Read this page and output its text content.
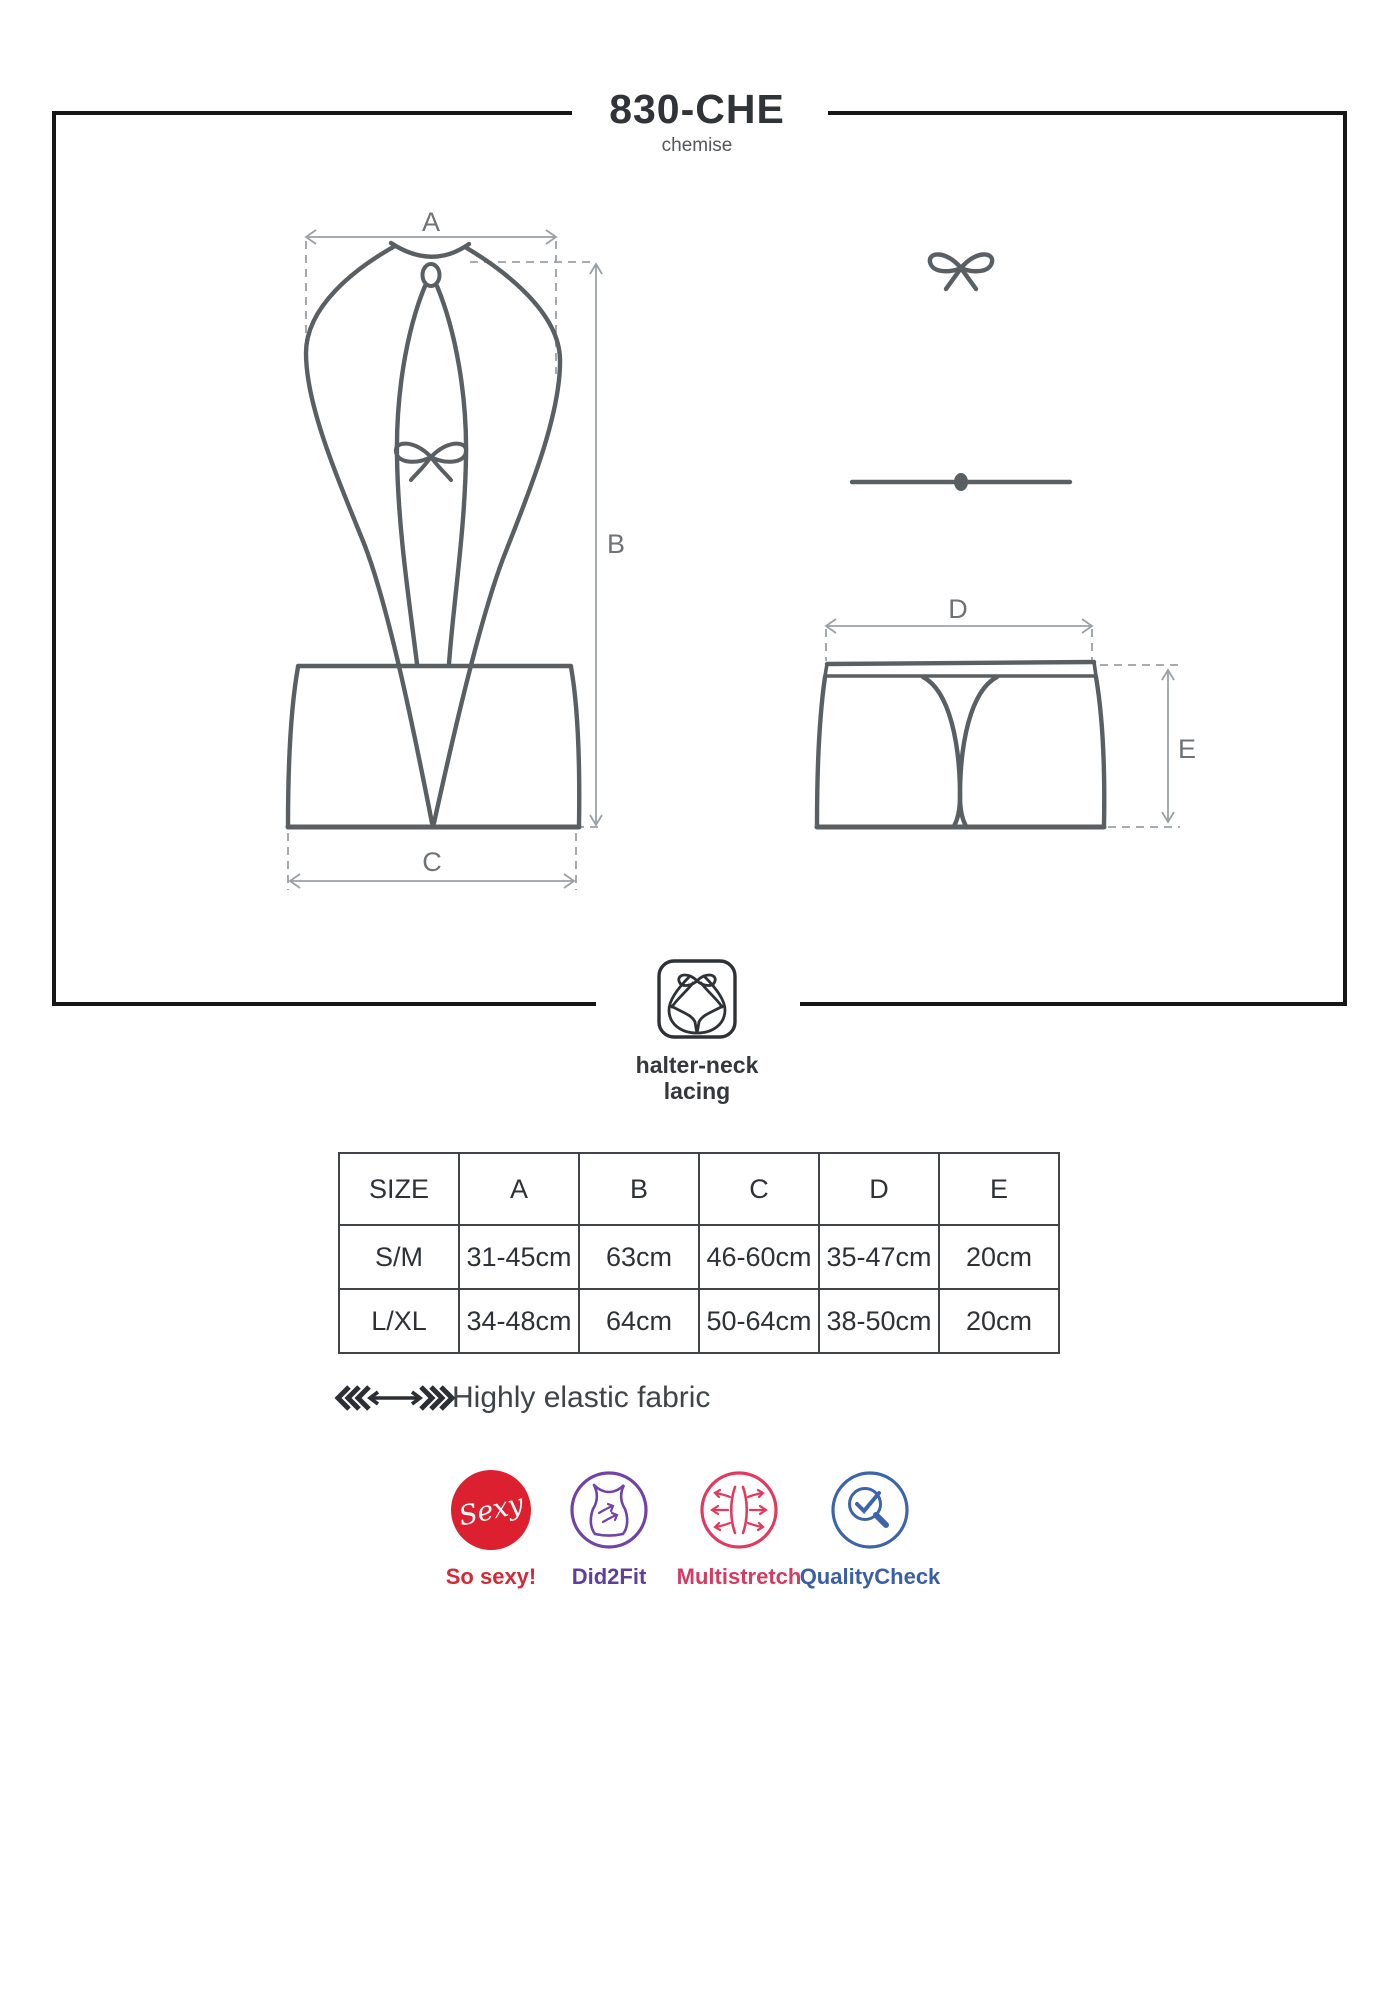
830-CHE
chemise
A
B
C
D
E
halter-neck
lacing
SIZE	A	B	C	D	E
S/M	31-45cm	63cm	46-60cm	35-47cm	20cm
L/XL	34-48cm	64cm	50-64cm	38-50cm	20cm
Highly elastic fabric
Sexy
So sexy!	Did2Fit	Multistretch
QualityCheck
